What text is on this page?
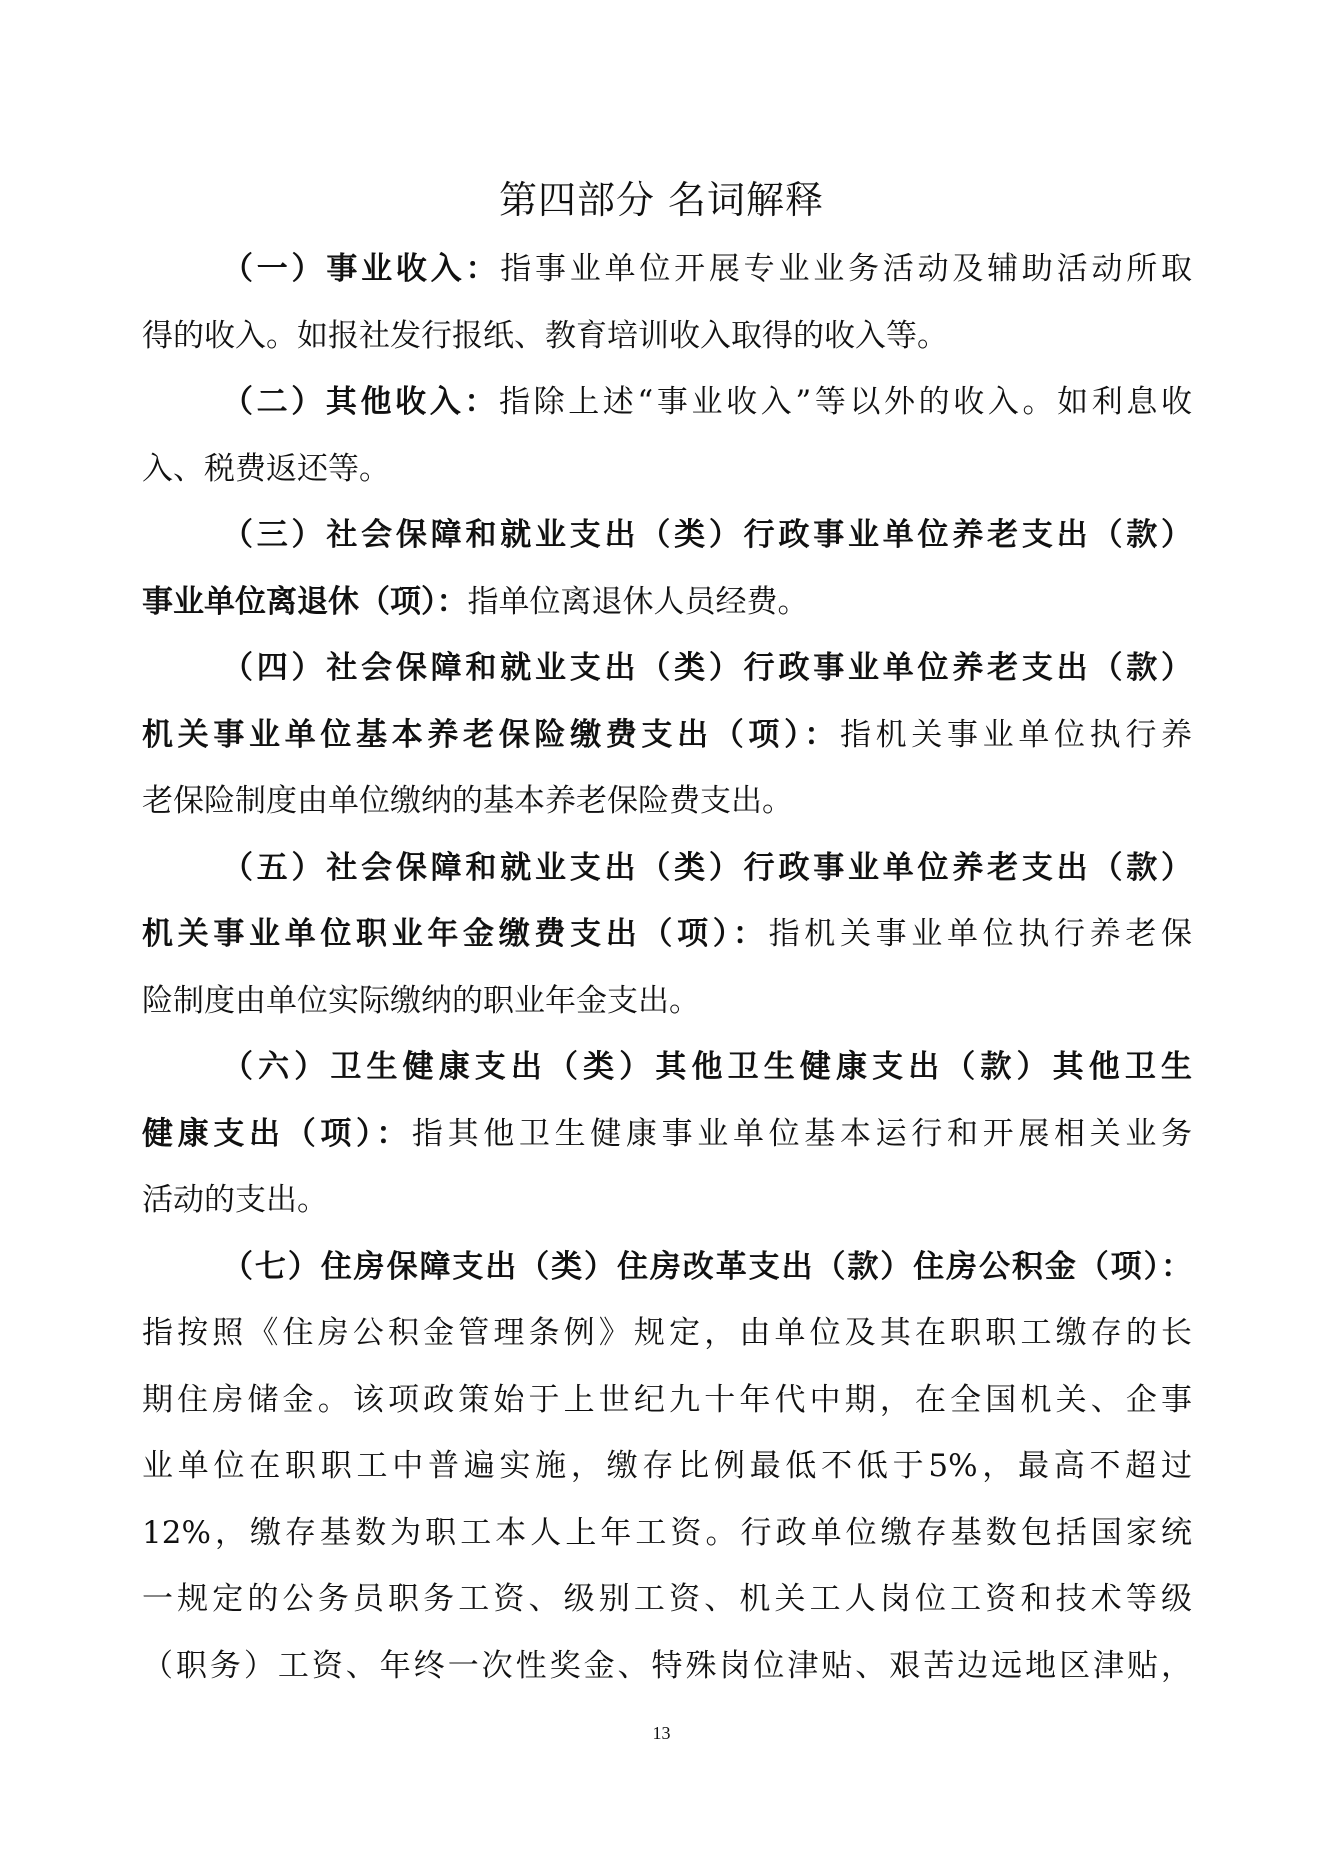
第四部分 名词解释
（一）事业收入：指事业单位开展专业业务活动及辅助活动所取
得的收入。如报社发行报纸、教育培训收入取得的收入等。
（二）其他收入：指除上述“事业收入”等以外的收入。如利息收
入、税费返还等。
（三）社会保障和就业支出（类）行政事业单位养老支出（款）
事业单位离退休（项）：指单位离退休人员经费。
（四）社会保障和就业支出（类）行政事业单位养老支出（款）
机关事业单位基本养老保险缴费支出（项）：指机关事业单位执行养
老保险制度由单位缴纳的基本养老保险费支出。
（五）社会保障和就业支出（类）行政事业单位养老支出（款）
机关事业单位职业年金缴费支出（项）：指机关事业单位执行养老保
险制度由单位实际缴纳的职业年金支出。
（六）卫生健康支出（类）其他卫生健康支出（款）其他卫生
健康支出（项）：指其他卫生健康事业单位基本运行和开展相关业务
活动的支出。
（七）住房保障支出（类）住房改革支出（款）住房公积金（项）：
指按照《住房公积金管理条例》规定，由单位及其在职职工缴存的长
期住房储金。该项政策始于上世纪九十年代中期，在全国机关、企事
业单位在职职工中普遍实施，缴存比例最低不低于5%，最高不超过
12%，缴存基数为职工本人上年工资。行政单位缴存基数包括国家统
一规定的公务员职务工资、级别工资、机关工人岗位工资和技术等级
（职务）工资、年终一次性奖金、特殊岗位津贴、艰苦边远地区津贴，
13
